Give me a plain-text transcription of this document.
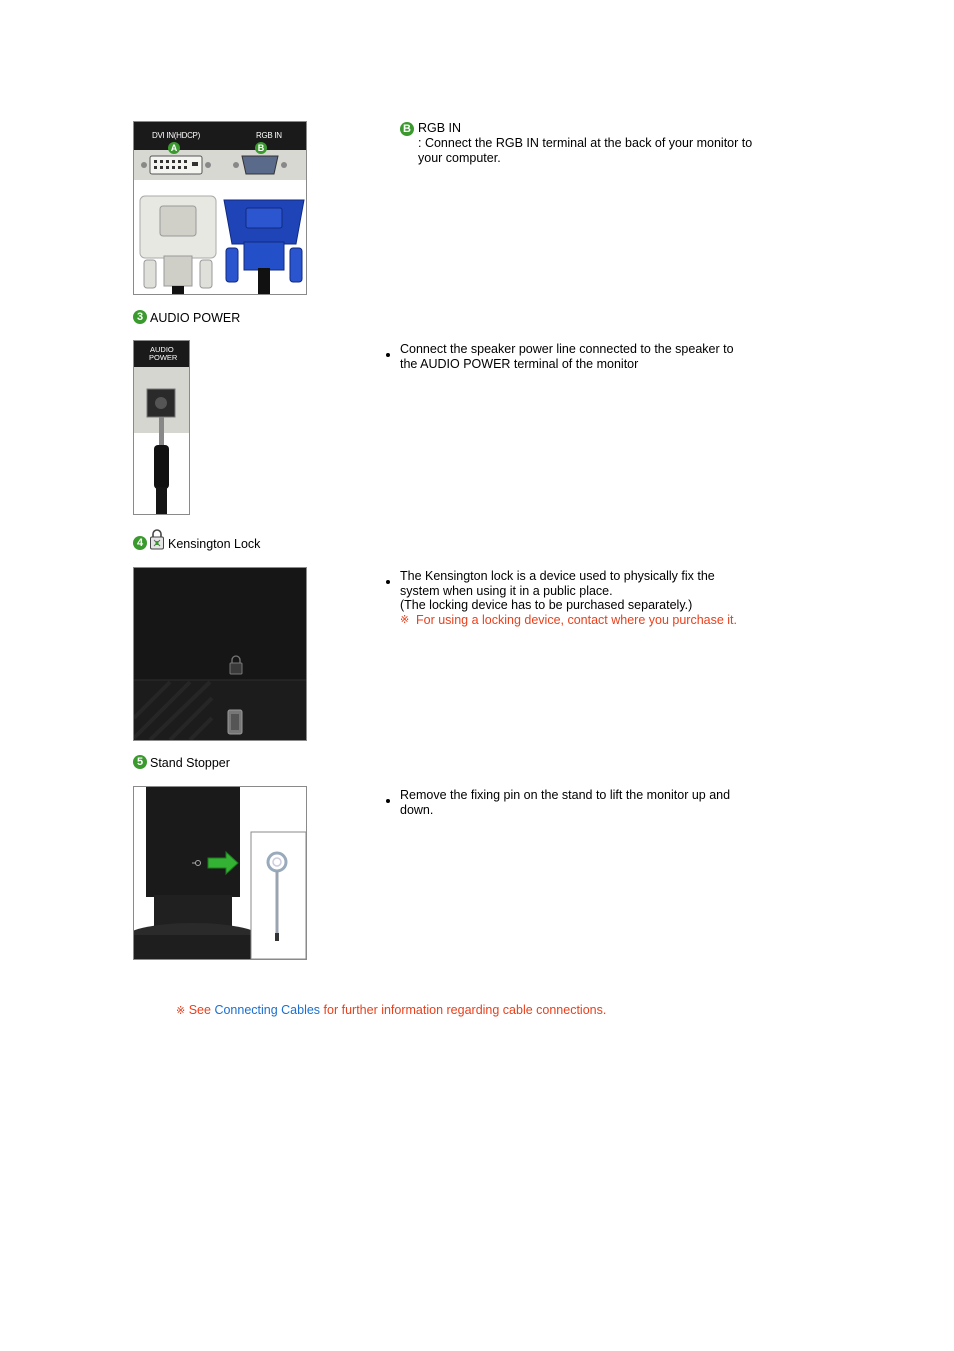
DVI IN(HDCP)	RGB IN
A	B
B RGB IN
: Connect the RGB IN terminal at the back of your monitor to
your computer.
3 AUDIO POWER
AUDIO
POWER
Connect the speaker power line connected to the speaker to
the AUDIO POWER terminal of the monitor
4	Kensington Lock
The Kensington lock is a device used to physically fix the
system when using it in a public place.
(The locking device has to be purchased separately.)
※ For using a locking device, contact where you purchase it.
5 Stand Stopper
Remove the fixing pin on the stand to lift the monitor up and
down.
※ See Connecting Cables for further information regarding cable connections.
